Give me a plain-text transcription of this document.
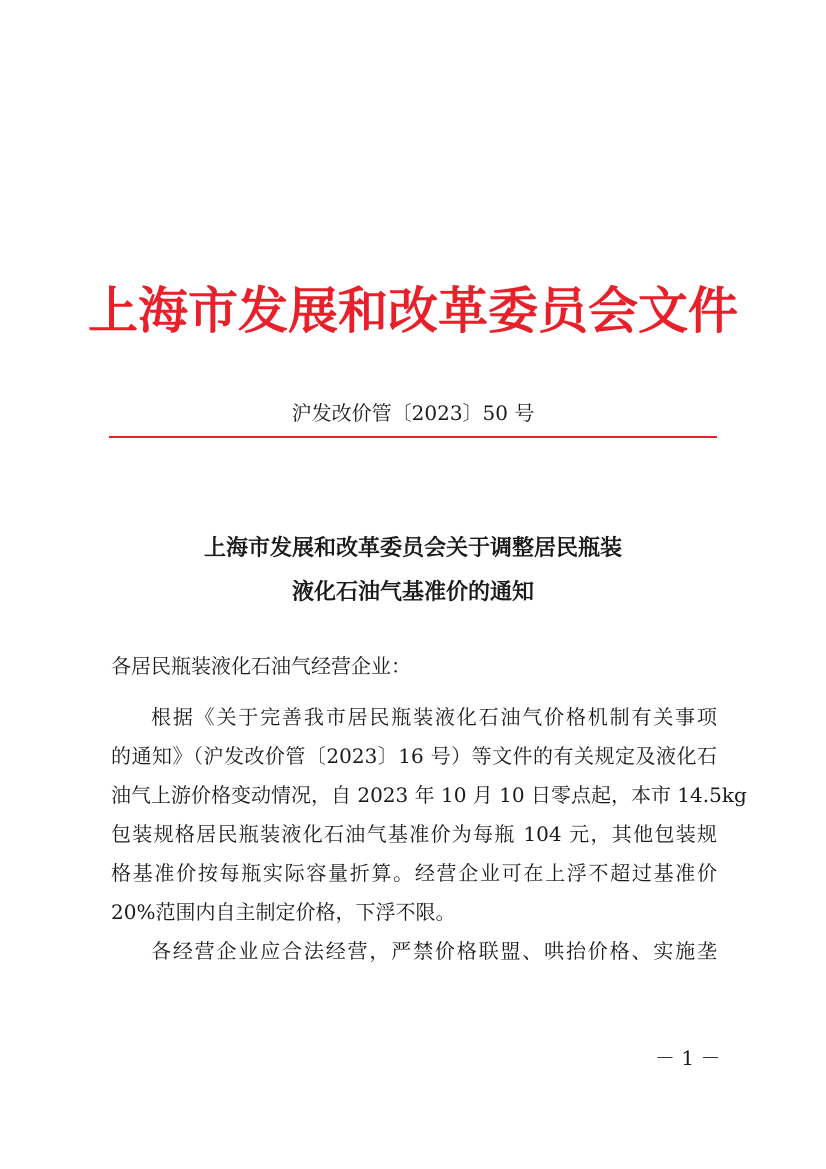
上海市发展和改革委员会文件
沪发改价管〔2023〕50 号
上海市发展和改革委员会关于调整居民瓶装
液化石油气基准价的通知
各居民瓶装液化石油气经营企业：
根据《关于完善我市居民瓶装液化石油气价格机制有关事项
的通知》（沪发改价管〔2023〕16 号）等文件的有关规定及液化石
油气上游价格变动情况，自 2023 年 10 月 10 日零点起，本市 14.5kg
包装规格居民瓶装液化石油气基准价为每瓶 104 元，其他包装规
格基准价按每瓶实际容量折算。经营企业可在上浮不超过基准价
20%范围内自主制定价格，下浮不限。
各经营企业应合法经营，严禁价格联盟、哄抬价格、实施垄
－ 1 －
